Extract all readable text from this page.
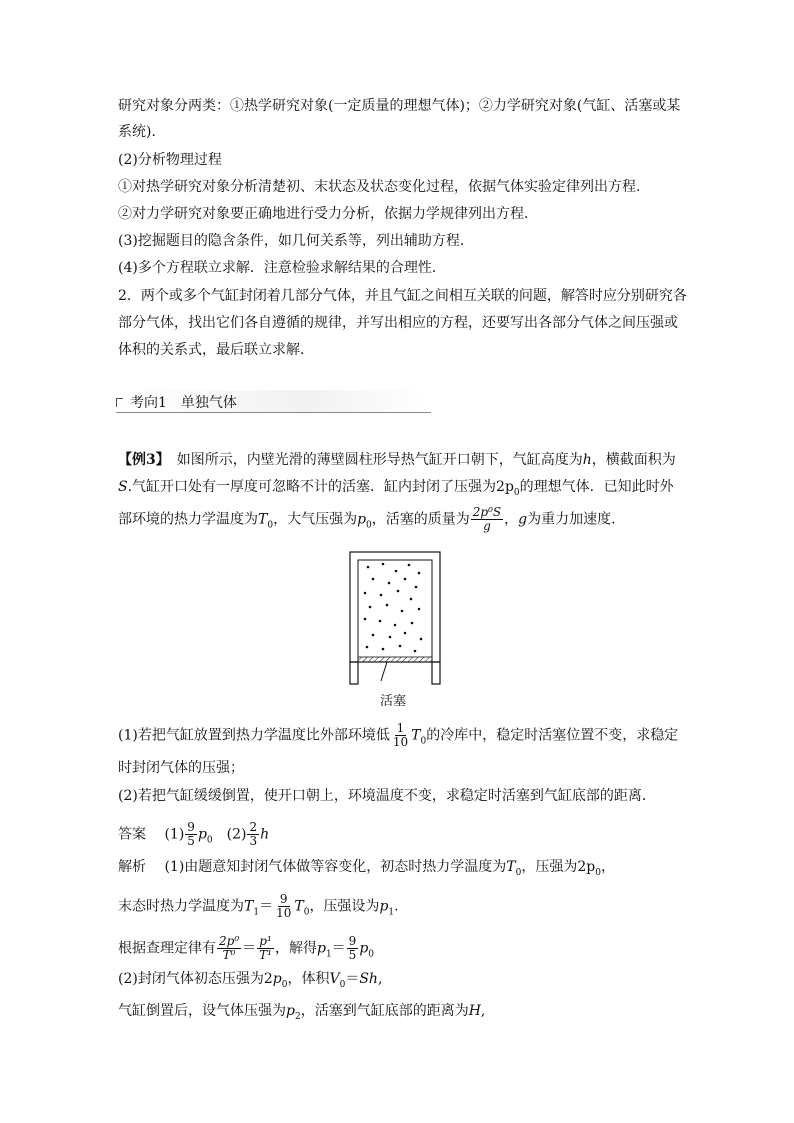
研究对象分两类：①热学研究对象(一定质量的理想气体)；②力学研究对象(气缸、活塞或某
系统)．
(2)分析物理过程
①对热学研究对象分析清楚初、末状态及状态变化过程，依据气体实验定律列出方程．
②对力学研究对象要正确地进行受力分析，依据力学规律列出方程．
(3)挖掘题目的隐含条件，如几何关系等，列出辅助方程．
(4)多个方程联立求解．注意检验求解结果的合理性．
2．两个或多个气缸封闭着几部分气体，并且气缸之间相互关联的问题，解答时应分别研究各
部分气体，找出它们各自遵循的规律，并写出相应的方程，还要写出各部分气体之间压强或
体积的关系式，最后联立求解．
考向1　单独气体
【例3】　如图所示，内壁光滑的薄壁圆柱形导热气缸开口朝下，气缸高度为h，横截面积为
S.气缸开口处有一厚度可忽略不计的活塞．缸内封闭了压强为$2p_0$的理想气体．已知此时外
部环境的热力学温度为$T_0$，大气压强为$p_0$，活塞的质量为 $\frac{\text{2p⁰S}}{g}$ ，g为重力加速度．
活塞
(1)若把气缸放置到热力学温度比外部环境低 $\frac{1}{10} T_0$的冷库中，稳定时活塞位置不变，求稳定
时封闭气体的压强；
(2)若把气缸缓缓倒置，使开口朝上，环境温度不变，求稳定时活塞到气缸底部的距离．
答案　 $(1) \frac{9}{5} p_0$　 $(2) \frac{2}{3}$ h
解析　 (1)由题意知封闭气体做等容变化，初态时热力学温度为$T_0$，压强为$2p_0$，
末态时热力学温度为$T_1= \frac{9}{10} T_0$，压强设为$p_1$.
根据查理定律有 $\frac{\text{2p⁰}}{\text{T⁰}} = \frac{\text{p¹}}{\text{T¹}}$ ，解得$p_1= \frac{9}{5} p_0$
(2)封闭气体初态压强为$2p_0$，体积$V_0=Sh$,
气缸倒置后，设气体压强为$p_2$，活塞到气缸底部的距离为H,
